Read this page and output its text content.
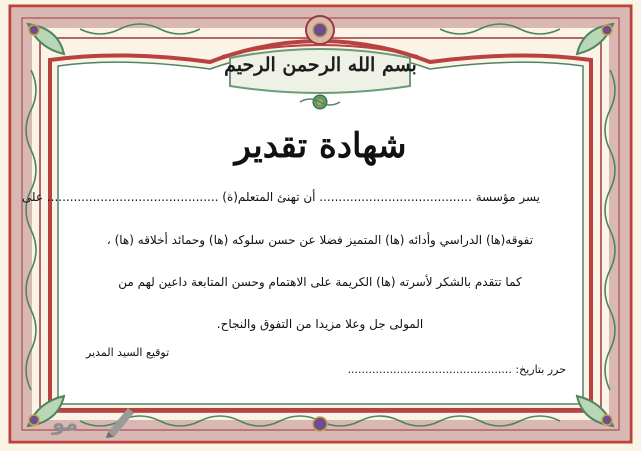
بسم الله الرحمن الرحيم
شهادة تقدير
يسر مؤسسة ........................................ أن تهنئ المتعلم(ة) ............................................. على
تفوقه(ها) الدراسي وأدائه (ها) المتميز فضلا عن حسن سلوكه (ها) وحمائد أخلاقه (ها) ،
كما تتقدم بالشكر لأسرته (ها) الكريمة على الاهتمام وحسن المتابعة داعين لهم من
المولى جل وعلا مزيدا من التفوق والنجاح.
توقيع السيد المدير
حرر بتاريخ: ...............................................
مو
